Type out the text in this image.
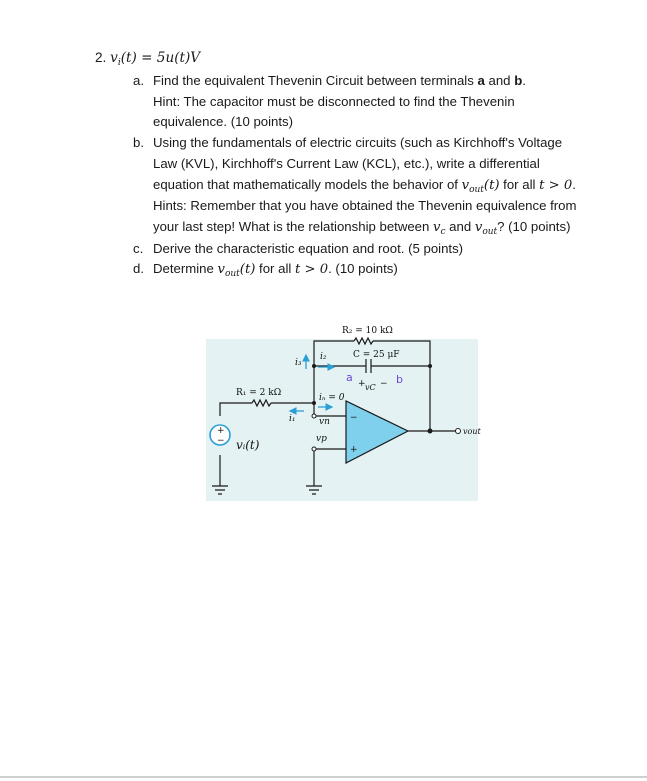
2. $v_i(t) = 5u(t)V$
a. Find the equivalent Thevenin Circuit between terminals a and b.
Hint: The capacitor must be disconnected to find the Thevenin equivalence. (10 points)
b. Using the fundamentals of electric circuits (such as Kirchhoff's Voltage Law (KVL), Kirchhoff's Current Law (KCL), etc.), write a differential equation that mathematically models the behavior of $v_{out}(t)$ for all t > 0.
Hints: Remember that you have obtained the Thevenin equivalence from your last step! What is the relationship between $v_c$ and $v_{out}$? (10 points)
c. Derive the characteristic equation and root. (5 points)
d. Determine $v_{out}(t)$ for all t > 0. (10 points)
R₂ = 10 kΩ
−
+
+
− vᵢ(t)
C = 25 μF
R₁ = 2 kΩ
i₃
i₂
iₙ = 0
i₁	vn
vp
vout
+ −
vC
a	b
